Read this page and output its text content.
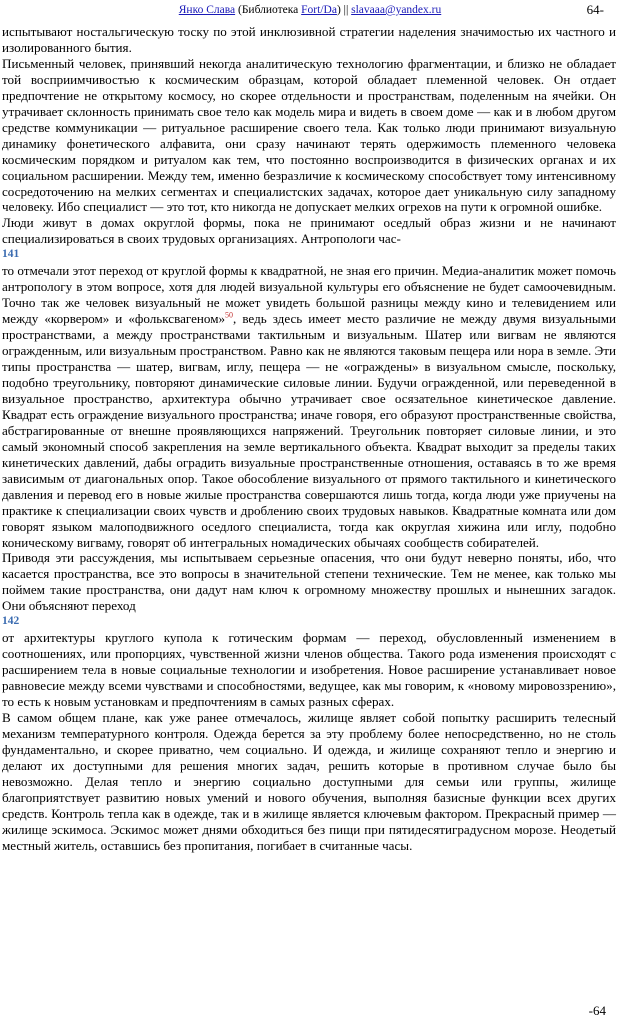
Янко Слава (Библиотека Fort/Da) || slavaaa@yandex.ru	64-

испытывают ностальгическую тоску по этой инклюзивной стратегии наделения значимостью их частного и изолированного бытия.

Письменный человек, принявший некогда аналитическую технологию фрагментации, и близко не обладает той восприимчивостью к космическим образцам, которой обладает племенной человек. Он отдает предпочтение не открытому космосу, но скорее отдельности и пространствам, поделенным на ячейки. Он утрачивает склонность принимать свое тело как модель мира и видеть в своем доме — как и в любом другом средстве коммуникации — ритуальное расширение своего тела. Как только люди принимают визуальную динамику фонетического алфавита, они сразу начинают терять одержимость племенного человека космическим порядком и ритуалом как тем, что постоянно воспроизводится в физических органах и их социальном расширении. Между тем, именно безразличие к космическому способствует тому интенсивному сосредоточению на мелких сегментах и специалистских задачах, которое дает уникальную силу западному человеку. Ибо специалист — это тот, кто никогда не допускает мелких огрехов на пути к огромной ошибке.

Люди живут в домах округлой формы, пока не принимают оседлый образ жизни и не начинают специализироваться в своих трудовых организациях. Антропологи час-

141

то отмечали этот переход от круглой формы к квадратной, не зная его причин. Медиа-аналитик может помочь антропологу в этом вопросе, хотя для людей визуальной культуры его объяснение не будет самоочевидным. Точно так же человек визуальный не может увидеть большой разницы между кино и телевидением или между «корвером» и «фольксвагеном»$^{50}$, ведь здесь имеет место различие не между двумя визуальными пространствами, а между пространствами тактильным и визуальным. Шатер или вигвам не являются огражденным, или визуальным пространством. Равно как не являются таковым пещера или нора в земле. Эти типы пространства — шатер, вигвам, иглу, пещера — не «ограждены» в визуальном смысле, поскольку, подобно треугольнику, повторяют динамические силовые линии. Будучи огражденной, или переведенной в визуальное пространство, архитектура обычно утрачивает свое осязательное кинетическое давление. Квадрат есть ограждение визуального пространства; иначе говоря, его образуют пространственные свойства, абстрагированные от внешне проявляющихся напряжений. Треугольник повторяет силовые линии, и это самый экономный способ закрепления на земле вертикального объекта. Квадрат выходит за пределы таких кинетических давлений, дабы оградить визуальные пространственные отношения, оставаясь в то же время зависимым от диагональных опор. Такое обособление визуального от прямого тактильного и кинетического давления и перевод его в новые жилые пространства совершаются лишь тогда, когда люди уже приучены на практике к специализации своих чувств и дроблению своих трудовых навыков. Квадратные комната или дом говорят языком малоподвижного оседлого специалиста, тогда как округлая хижина или иглу, подобно коническому вигваму, говорят об интегральных номадических обычаях сообществ собирателей.

Приводя эти рассуждения, мы испытываем серьезные опасения, что они будут неверно поняты, ибо, что касается пространства, все это вопросы в значительной степени технические. Тем не менее, как только мы поймем такие пространства, они дадут нам ключ к огромному множеству прошлых и нынешних загадок. Они объясняют переход

142

от архитектуры круглого купола к готическим формам — переход, обусловленный изменением в соотношениях, или пропорциях, чувственной жизни членов общества. Такого рода изменения происходят с расширением тела в новые социальные технологии и изобретения. Новое расширение устанавливает новое равновесие между всеми чувствами и способностями, ведущее, как мы говорим, к «новому мировоззрению», то есть к новым установкам и предпочтениям в самых разных сферах.

В самом общем плане, как уже ранее отмечалось, жилище являет собой попытку расширить телесный механизм температурного контроля. Одежда берется за эту проблему более непосредственно, но не столь фундаментально, и скорее приватно, чем социально. И одежда, и жилище сохраняют тепло и энергию и делают их доступными для решения многих задач, решить которые в противном случае было бы невозможно. Делая тепло и энергию социально доступными для семьи или группы, жилище благоприятствует развитию новых умений и нового обучения, выполняя базисные функции всех других средств. Контроль тепла как в одежде, так и в жилище является ключевым фактором. Прекрасный пример — жилище эскимоса. Эскимос может днями обходиться без пищи при пятидесятиградусном морозе. Неодетый местный житель, оставшись без пропитания, погибает в считанные часы.

-64
